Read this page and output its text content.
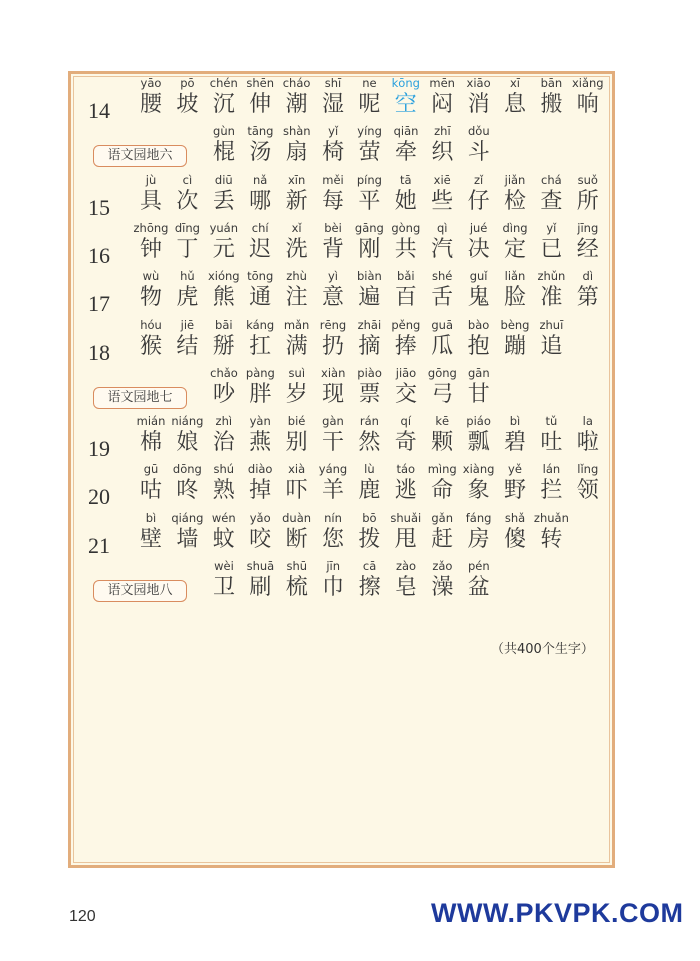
14
yāo
腰
pō
坡
chén
沉
shēn
伸
cháo
潮
shī
湿
ne
呢
kōng
空
mēn
闷
xiāo
消
xī
息
bān
搬
xiǎng
响
语文园地六
gùn
棍
tāng
汤
shàn
扇
yǐ
椅
yíng
萤
qiān
牵
zhī
织
dǒu
斗
15
jù
具
cì
次
diū
丢
nǎ
哪
xīn
新
měi
每
píng
平
tā
她
xiē
些
zǐ
仔
jiǎn
检
chá
查
suǒ
所
16
zhōng
钟
dīng
丁
yuán
元
chí
迟
xǐ
洗
bèi
背
gāng
刚
gòng
共
qì
汽
jué
决
dìng
定
yǐ
已
jīng
经
17
wù
物
hǔ
虎
xióng
熊
tōng
通
zhù
注
yì
意
biàn
遍
bǎi
百
shé
舌
guǐ
鬼
liǎn
脸
zhǔn
准
dì
第
18
hóu
猴
jiē
结
bāi
掰
káng
扛
mǎn
满
rēng
扔
zhāi
摘
pěng
捧
guā
瓜
bào
抱
bèng
蹦
zhuī
追
语文园地七
chǎo
吵
pàng
胖
suì
岁
xiàn
现
piào
票
jiāo
交
gōng
弓
gān
甘
19
mián
棉
niáng
娘
zhì
治
yàn
燕
bié
别
gàn
干
rán
然
qí
奇
kē
颗
piáo
瓢
bì
碧
tǔ
吐
la
啦
20
gū
咕
dōng
咚
shú
熟
diào
掉
xià
吓
yáng
羊
lù
鹿
táo
逃
mìng
命
xiàng
象
yě
野
lán
拦
lǐng
领
21
bì
壁
qiáng
墙
wén
蚊
yǎo
咬
duàn
断
nín
您
bō
拨
shuǎi
甩
gǎn
赶
fáng
房
shǎ
傻
zhuǎn
转
语文园地八
wèi
卫
shuā
刷
shū
梳
jīn
巾
cā
擦
zào
皂
zǎo
澡
pén
盆
（共400个生字）
120	WWW.PKVPK.COM
